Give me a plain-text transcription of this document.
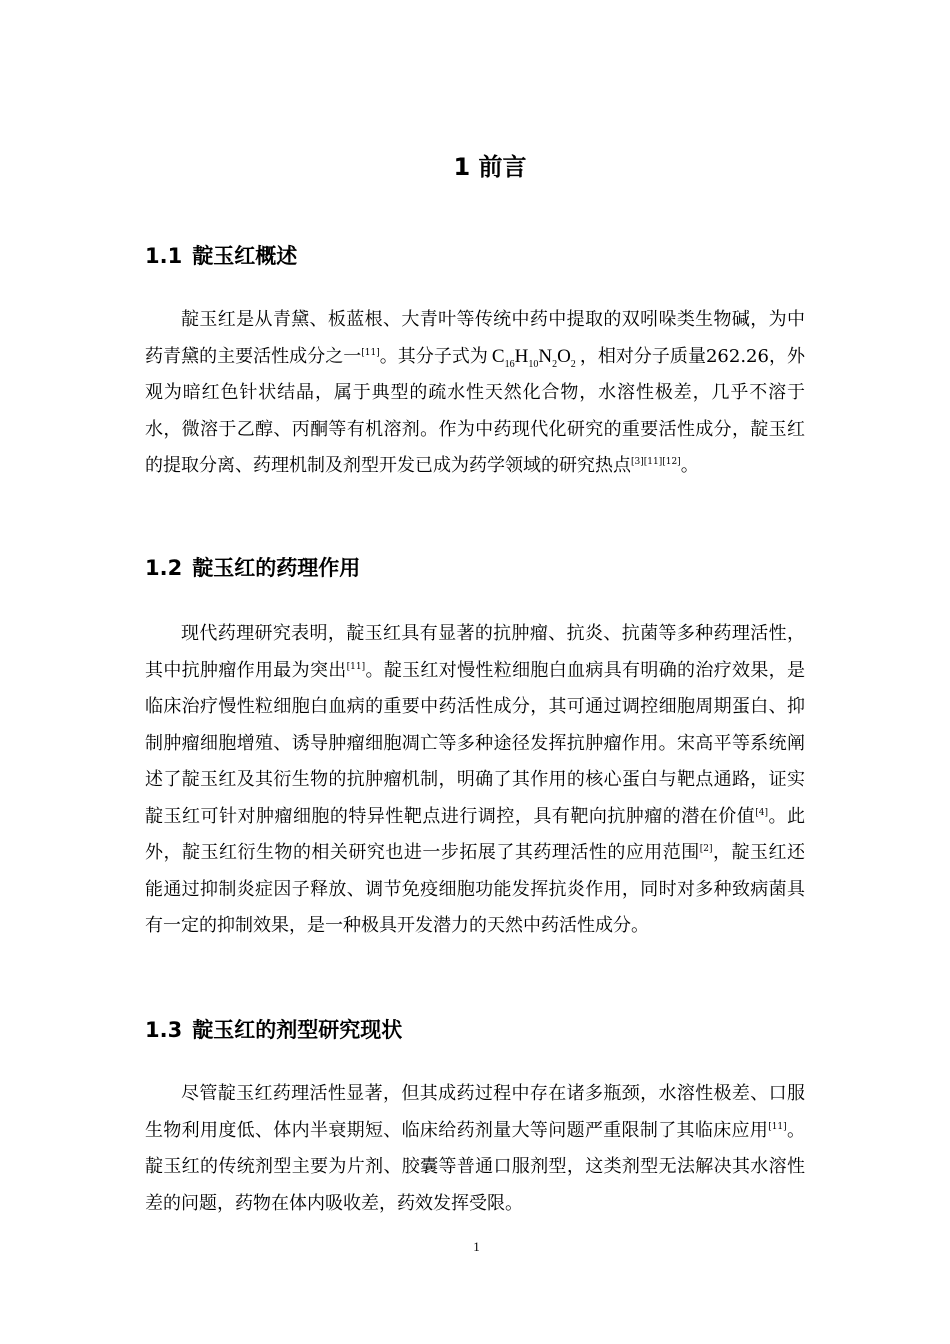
1 前言
1.1 靛玉红概述

靛玉红是从青黛、板蓝根、大青叶等传统中药中提取的双吲哚类生物碱，为中药青黛的主要活性成分之一[11]。其分子式为 $C_{16}H_{10}N_2O_2$ ，相对分子质量262.26，外观为暗红色针状结晶，属于典型的疏水性天然化合物，水溶性极差，几乎不溶于水，微溶于乙醇、丙酮等有机溶剂。作为中药现代化研究的重要活性成分，靛玉红的提取分离、药理机制及剂型开发已成为药学领域的研究热点[3][11][12]。

1.2 靛玉红的药理作用

现代药理研究表明，靛玉红具有显著的抗肿瘤、抗炎、抗菌等多种药理活性，其中抗肿瘤作用最为突出[11]。靛玉红对慢性粒细胞白血病具有明确的治疗效果，是临床治疗慢性粒细胞白血病的重要中药活性成分，其可通过调控细胞周期蛋白、抑制肿瘤细胞增殖、诱导肿瘤细胞凋亡等多种途径发挥抗肿瘤作用。宋高平等系统阐述了靛玉红及其衍生物的抗肿瘤机制，明确了其作用的核心蛋白与靶点通路，证实靛玉红可针对肿瘤细胞的特异性靶点进行调控，具有靶向抗肿瘤的潜在价值[4]。此外，靛玉红衍生物的相关研究也进一步拓展了其药理活性的应用范围[2]，靛玉红还能通过抑制炎症因子释放、调节免疫细胞功能发挥抗炎作用，同时对多种致病菌具有一定的抑制效果，是一种极具开发潜力的天然中药活性成分。

1.3 靛玉红的剂型研究现状

尽管靛玉红药理活性显著，但其成药过程中存在诸多瓶颈，水溶性极差、口服生物利用度低、体内半衰期短、临床给药剂量大等问题严重限制了其临床应用[11]。靛玉红的传统剂型主要为片剂、胶囊等普通口服剂型，这类剂型无法解决其水溶性差的问题，药物在体内吸收差，药效发挥受限。

1
